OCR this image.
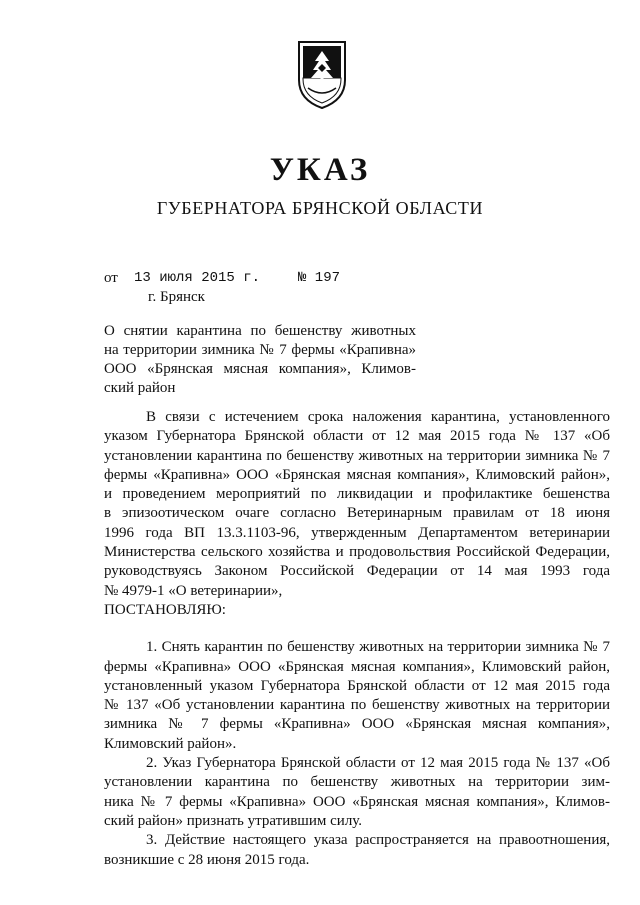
УКАЗ
ГУБЕРНАТОРА БРЯНСКОЙ ОБЛАСТИ
от 13 июля 2015 г.	№ 197
г. Брянск
О снятии карантина по бешенству животных
на территории зимника № 7 фермы «Крапивна»
ООО «Брянская мясная компания», Климов-
ский район
В связи с истечением срока наложения карантина, установленного
указом Губернатора Брянской области от 12 мая 2015 года № 137 «Об
установлении карантина по бешенству животных на территории зимника № 7
фермы «Крапивна» ООО «Брянская мясная компания», Климовский район»,
и проведением мероприятий по ликвидации и профилактике бешенства
в эпизоотическом очаге согласно Ветеринарным правилам от 18 июня
1996 года ВП 13.3.1103-96, утвержденным Департаментом ветеринарии
Министерства сельского хозяйства и продовольствия Российской Федерации,
руководствуясь Законом Российской Федерации от 14 мая 1993 года
№ 4979-1 «О ветеринарии»,
ПОСТАНОВЛЯЮ:
1. Снять карантин по бешенству животных на территории зимника № 7
фермы «Крапивна» ООО «Брянская мясная компания», Климовский район,
установленный указом Губернатора Брянской области от 12 мая 2015 года
№ 137 «Об установлении карантина по бешенству животных на территории
зимника № 7 фермы «Крапивна» ООО «Брянская мясная компания»,
Климовский район».
2. Указ Губернатора Брянской области от 12 мая 2015 года № 137 «Об
установлении карантина по бешенству животных на территории зим-
ника № 7 фермы «Крапивна» ООО «Брянская мясная компания», Климов-
ский район» признать утратившим силу.
3. Действие настоящего указа распространяется на правоотношения,
возникшие с 28 июня 2015 года.
